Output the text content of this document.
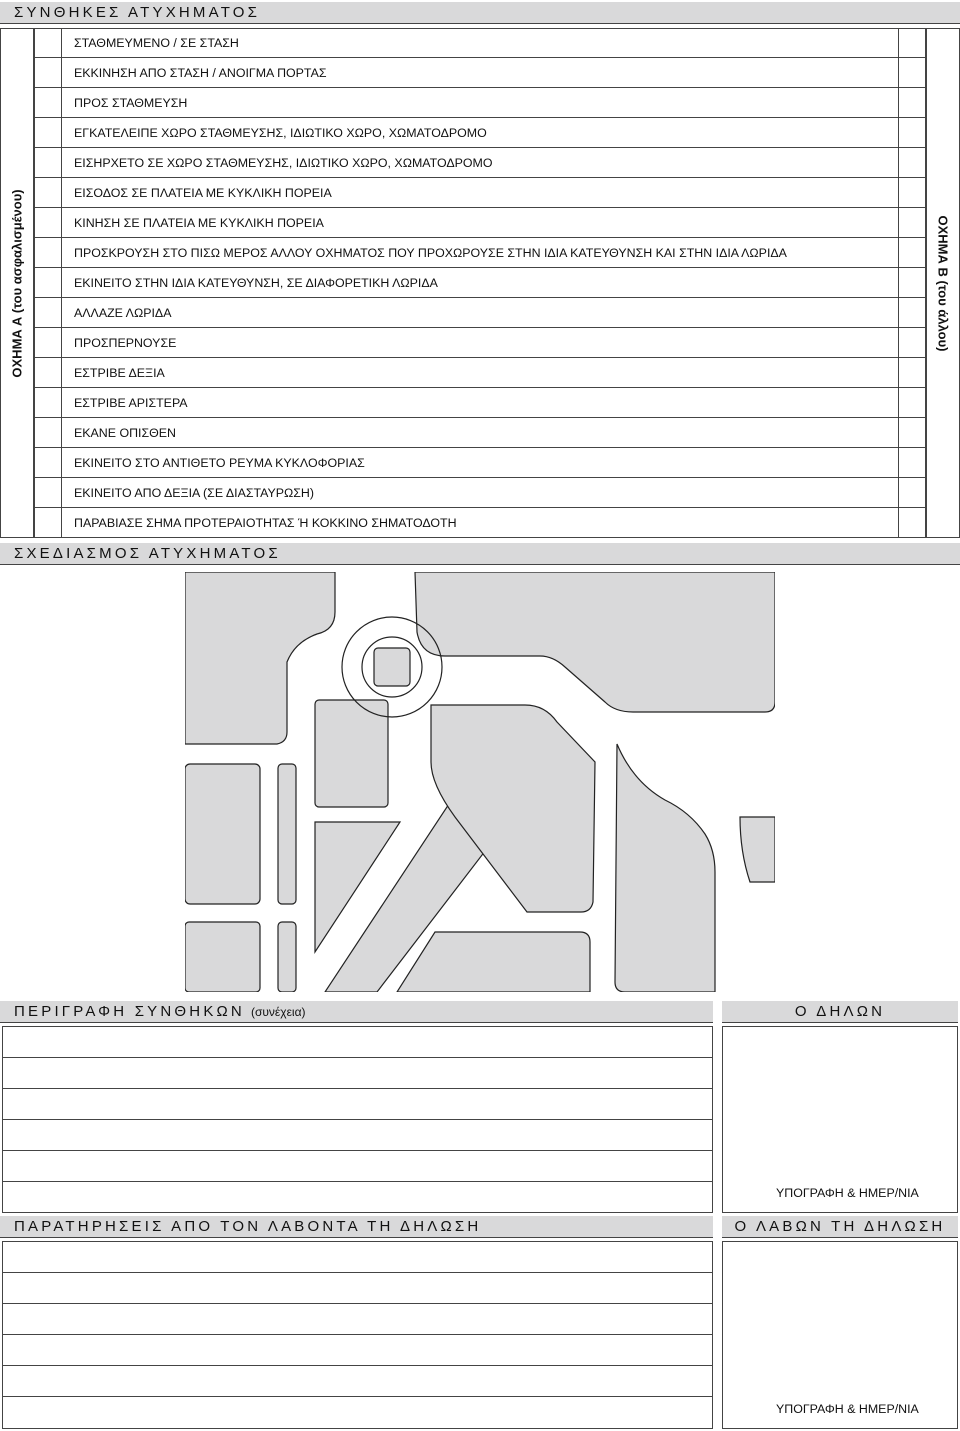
ΣΥΝΘΗΚΕΣ ΑΤΥΧΗΜΑΤΟΣ
ΟΧΗΜΑ Α (του ασφαλισμένου)
ΣΤΑΘΜΕΥΜΕΝΟ / ΣΕ ΣΤΑΣΗ
ΕΚΚΙΝΗΣΗ ΑΠΟ ΣΤΑΣΗ / ΑΝΟΙΓΜΑ ΠΟΡΤΑΣ
ΠΡΟΣ ΣΤΑΘΜΕΥΣΗ
ΕΓΚΑΤΕΛΕΙΠΕ ΧΩΡΟ ΣΤΑΘΜΕΥΣΗΣ, ΙΔΙΩΤΙΚΟ ΧΩΡΟ, ΧΩΜΑΤΟΔΡΟΜΟ
ΕΙΣΗΡΧΕΤΟ ΣΕ ΧΩΡΟ ΣΤΑΘΜΕΥΣΗΣ, ΙΔΙΩΤΙΚΟ ΧΩΡΟ, ΧΩΜΑΤΟΔΡΟΜΟ
ΕΙΣΟΔΟΣ ΣΕ ΠΛΑΤΕΙΑ ΜΕ ΚΥΚΛΙΚΗ ΠΟΡΕΙΑ
ΚΙΝΗΣΗ ΣΕ ΠΛΑΤΕΙΑ ΜΕ ΚΥΚΛΙΚΗ ΠΟΡΕΙΑ
ΠΡΟΣΚΡΟΥΣΗ ΣΤΟ ΠΙΣΩ ΜΕΡΟΣ ΑΛΛΟΥ ΟΧΗΜΑΤΟΣ ΠΟΥ ΠΡΟΧΩΡΟΥΣΕ ΣΤΗΝ ΙΔΙΑ ΚΑΤΕΥΘΥΝΣΗ ΚΑΙ ΣΤΗΝ ΙΔΙΑ ΛΩΡΙΔΑ
ΕΚΙΝΕΙΤΟ ΣΤΗΝ ΙΔΙΑ ΚΑΤΕΥΘΥΝΣΗ, ΣΕ ΔΙΑΦΟΡΕΤΙΚΗ ΛΩΡΙΔΑ
ΑΛΛΑΖΕ ΛΩΡΙΔΑ
ΠΡΟΣΠΕΡΝΟΥΣΕ
ΕΣΤΡΙΒΕ ΔΕΞΙΑ
ΕΣΤΡΙΒΕ ΑΡΙΣΤΕΡΑ
ΕΚΑΝΕ ΟΠΙΣΘΕΝ
ΕΚΙΝΕΙΤΟ ΣΤΟ ΑΝΤΙΘΕΤΟ ΡΕΥΜΑ ΚΥΚΛΟΦΟΡΙΑΣ
ΕΚΙΝΕΙΤΟ ΑΠΟ ΔΕΞΙΑ (ΣΕ ΔΙΑΣΤΑΥΡΩΣΗ)
ΠΑΡΑΒΙΑΣΕ ΣΗΜΑ ΠΡΟΤΕΡΑΙΟΤΗΤΑΣ Ή ΚΟΚΚΙΝΟ ΣΗΜΑΤΟΔΟΤΗ
ΟΧΗΜΑ Β (του άλλου)
ΣΧΕΔΙΑΣΜΟΣ ΑΤΥΧΗΜΑΤΟΣ
ΠΕΡΙΓΡΑΦΗ ΣΥΝΘΗΚΩΝ (συνέχεια)	Ο ΔΗΛΩΝ
ΥΠΟΓΡΑΦΗ & ΗΜΕΡ/ΝΙΑ
ΠΑΡΑΤΗΡΗΣΕΙΣ ΑΠΟ ΤΟΝ ΛΑΒΟΝΤΑ ΤΗ ΔΗΛΩΣΗ	Ο ΛΑΒΩΝ ΤΗ ΔΗΛΩΣΗ
ΥΠΟΓΡΑΦΗ & ΗΜΕΡ/ΝΙΑ
